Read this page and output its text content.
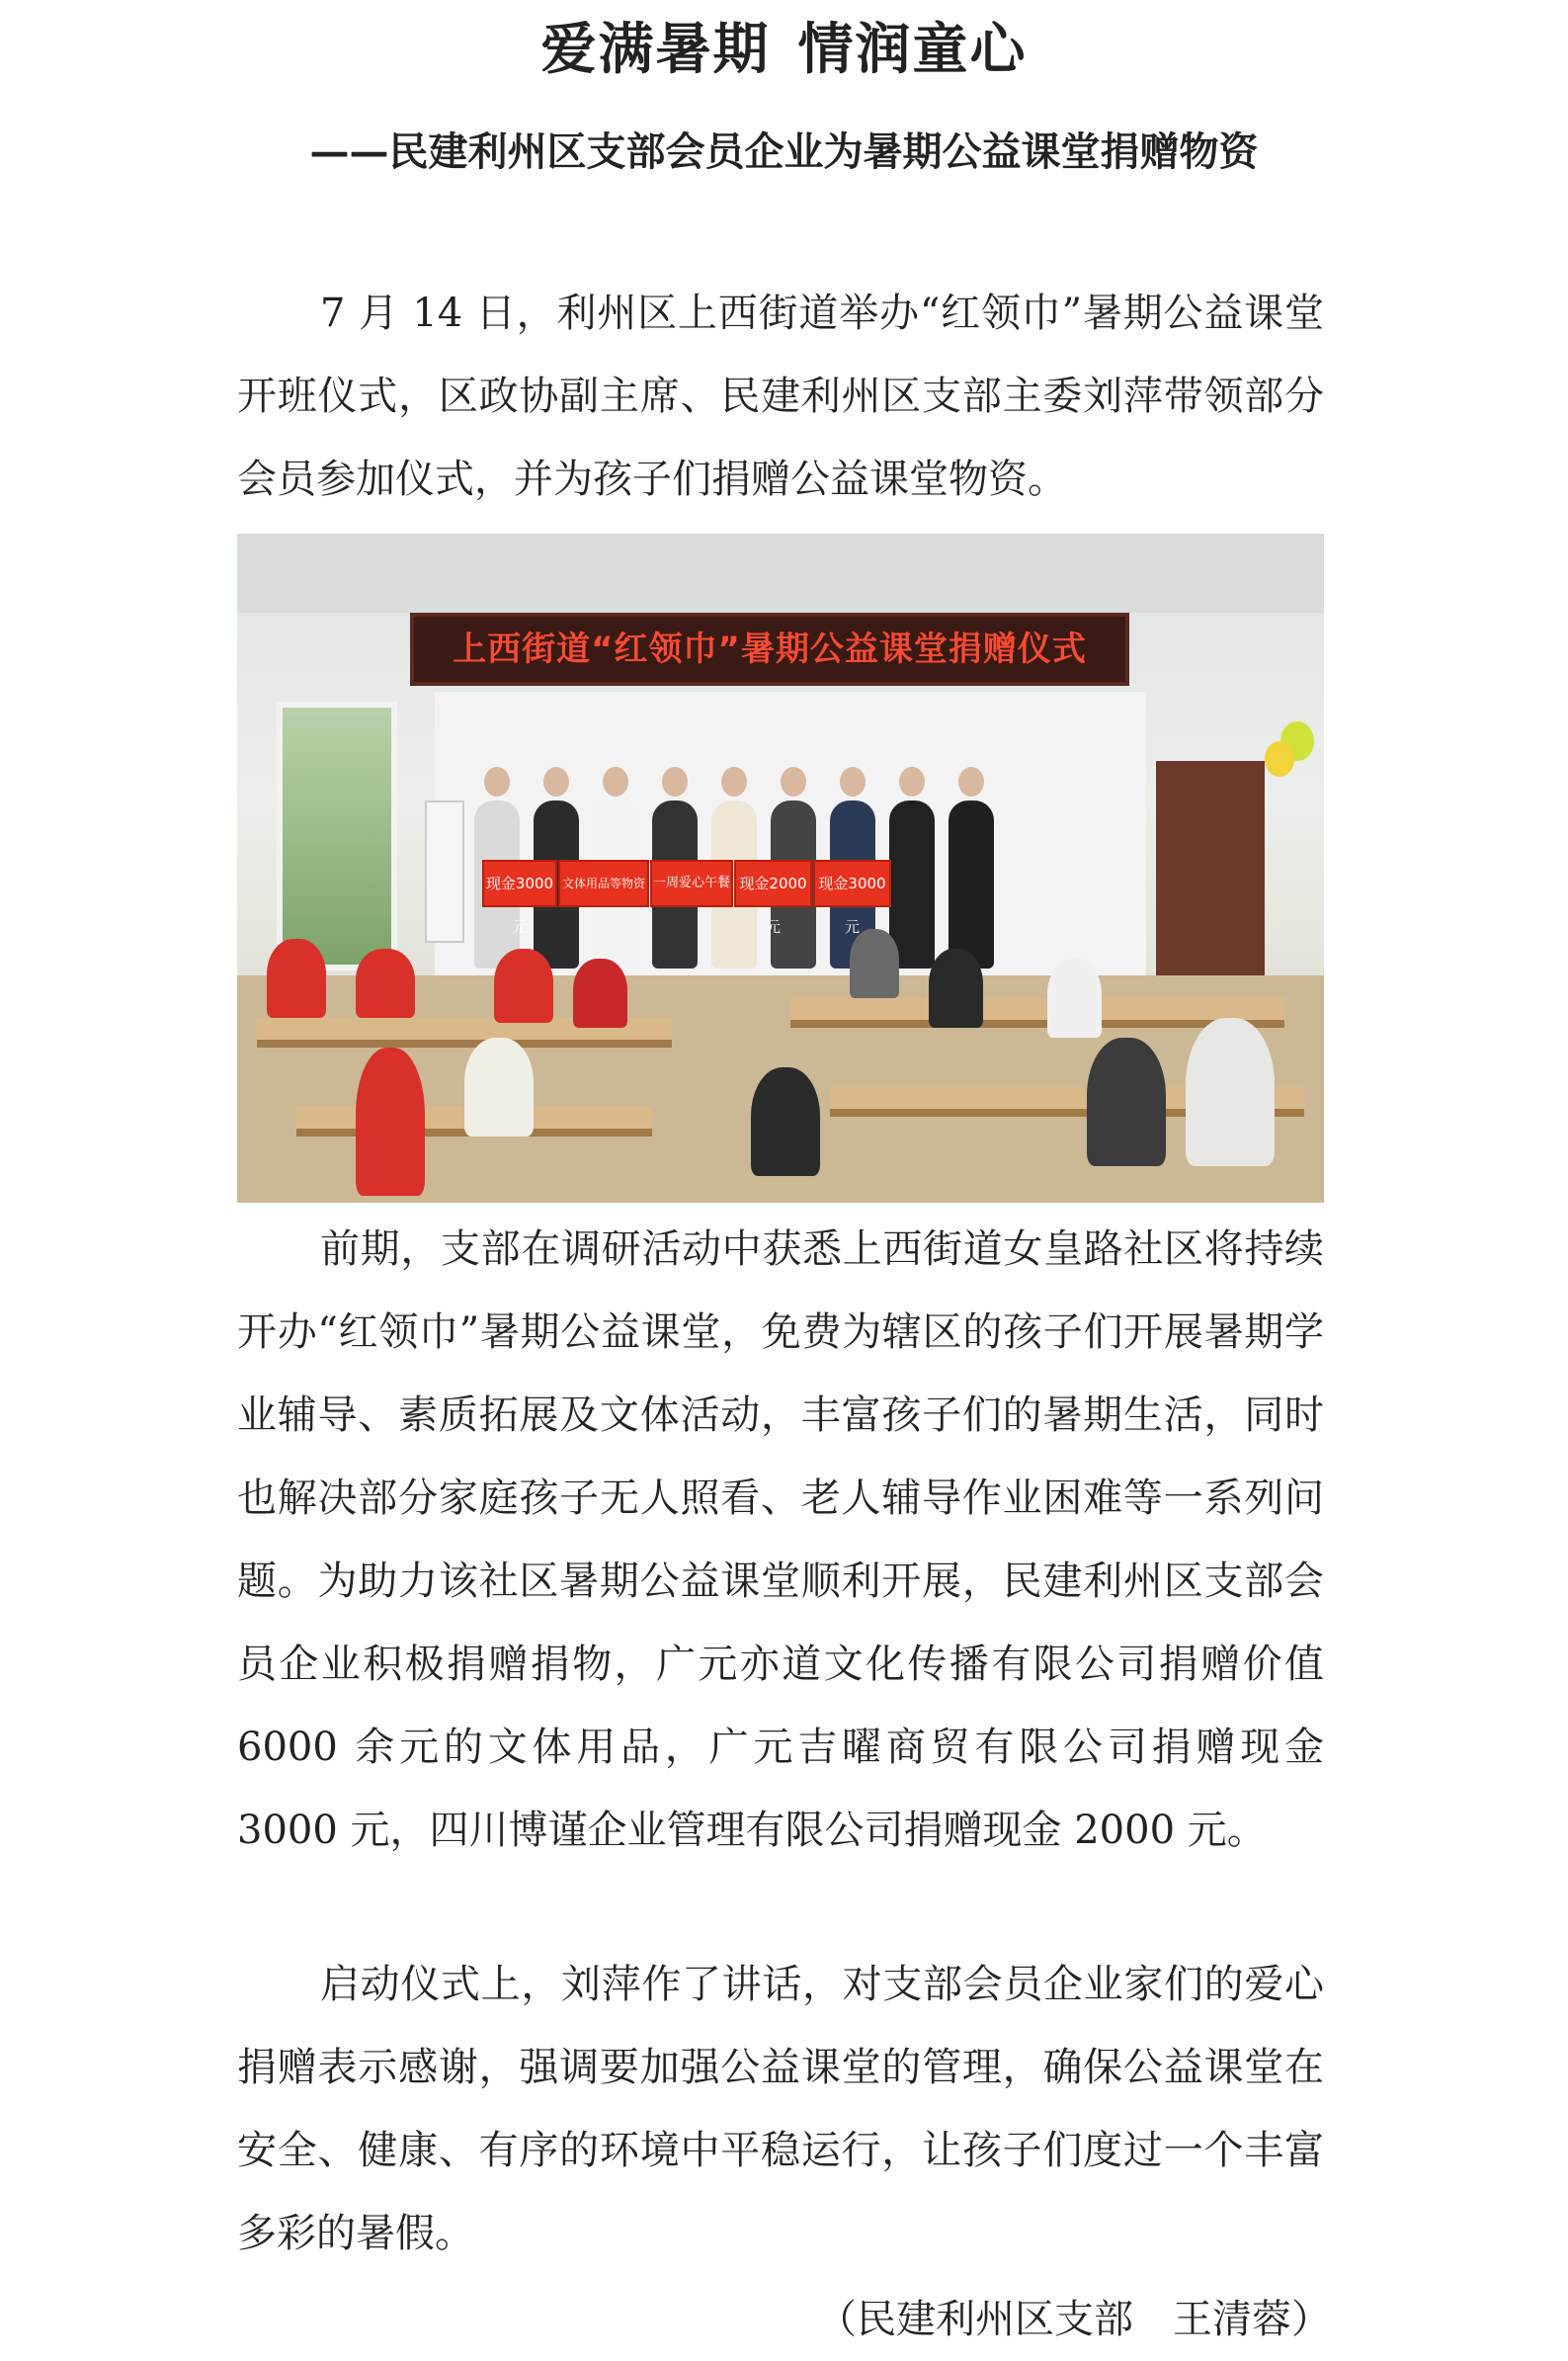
爱满暑期 情润童心
——民建利州区支部会员企业为暑期公益课堂捐赠物资

7 月 14 日，利州区上西街道举办“红领巾”暑期公益课堂开班仪式，区政协副主席、民建利州区支部主委刘萍带领部分会员参加仪式，并为孩子们捐赠公益课堂物资。

上西街道“红领巾”暑期公益课堂捐赠仪式
现金3000元
文体用品等物资 一周爱心午餐 现金2000元
现金3000元

前期，支部在调研活动中获悉上西街道女皇路社区将持续开办“红领巾”暑期公益课堂，免费为辖区的孩子们开展暑期学业辅导、素质拓展及文体活动，丰富孩子们的暑期生活，同时也解决部分家庭孩子无人照看、老人辅导作业困难等一系列问题。为助力该社区暑期公益课堂顺利开展，民建利州区支部会员企业积极捐赠捐物，广元亦道文化传播有限公司捐赠价值 6000 余元的文体用品，广元吉曜商贸有限公司捐赠现金 3000 元，四川博谨企业管理有限公司捐赠现金 2000 元。

启动仪式上，刘萍作了讲话，对支部会员企业家们的爱心捐赠表示感谢，强调要加强公益课堂的管理，确保公益课堂在安全、健康、有序的环境中平稳运行，让孩子们度过一个丰富多彩的暑假。

（民建利州区支部 王清蓉）
